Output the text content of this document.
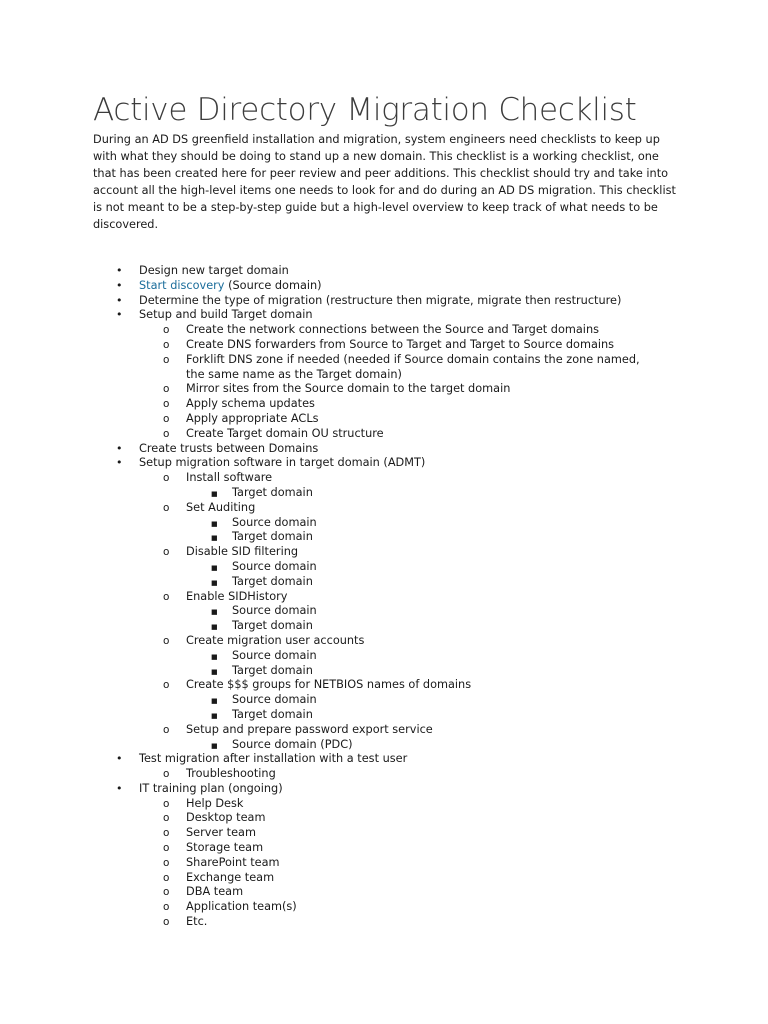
Active Directory Migration Checklist

During an AD DS greenfield installation and migration, system engineers need checklists to keep up with what they should be doing to stand up a new domain. This checklist is a working checklist, one that has been created here for peer review and peer additions. This checklist should try and take into account all the high-level items one needs to look for and do during an AD DS migration. This checklist is not meant to be a step-by-step guide but a high-level overview to keep track of what needs to be discovered.

• Design new target domain
• Start discovery (Source domain)
• Determine the type of migration (restructure then migrate, migrate then restructure)
• Setup and build Target domain
o Create the network connections between the Source and Target domains
o Create DNS forwarders from Source to Target and Target to Source domains
o Forklift DNS zone if needed (needed if Source domain contains the zone named, the same name as the Target domain)
o Mirror sites from the Source domain to the target domain
o Apply schema updates
o Apply appropriate ACLs
o Create Target domain OU structure
• Create trusts between Domains
• Setup migration software in target domain (ADMT)
o Install software
■ Target domain
o Set Auditing
■ Source domain
■ Target domain
o Disable SID filtering
■ Source domain
■ Target domain
o Enable SIDHistory
■ Source domain
■ Target domain
o Create migration user accounts
■ Source domain
■ Target domain
o Create $$$ groups for NETBIOS names of domains
■ Source domain
■ Target domain
o Setup and prepare password export service
■ Source domain (PDC)
• Test migration after installation with a test user
o Troubleshooting
• IT training plan (ongoing)
o Help Desk
o Desktop team
o Server team
o Storage team
o SharePoint team
o Exchange team
o DBA team
o Application team(s)
o Etc.
